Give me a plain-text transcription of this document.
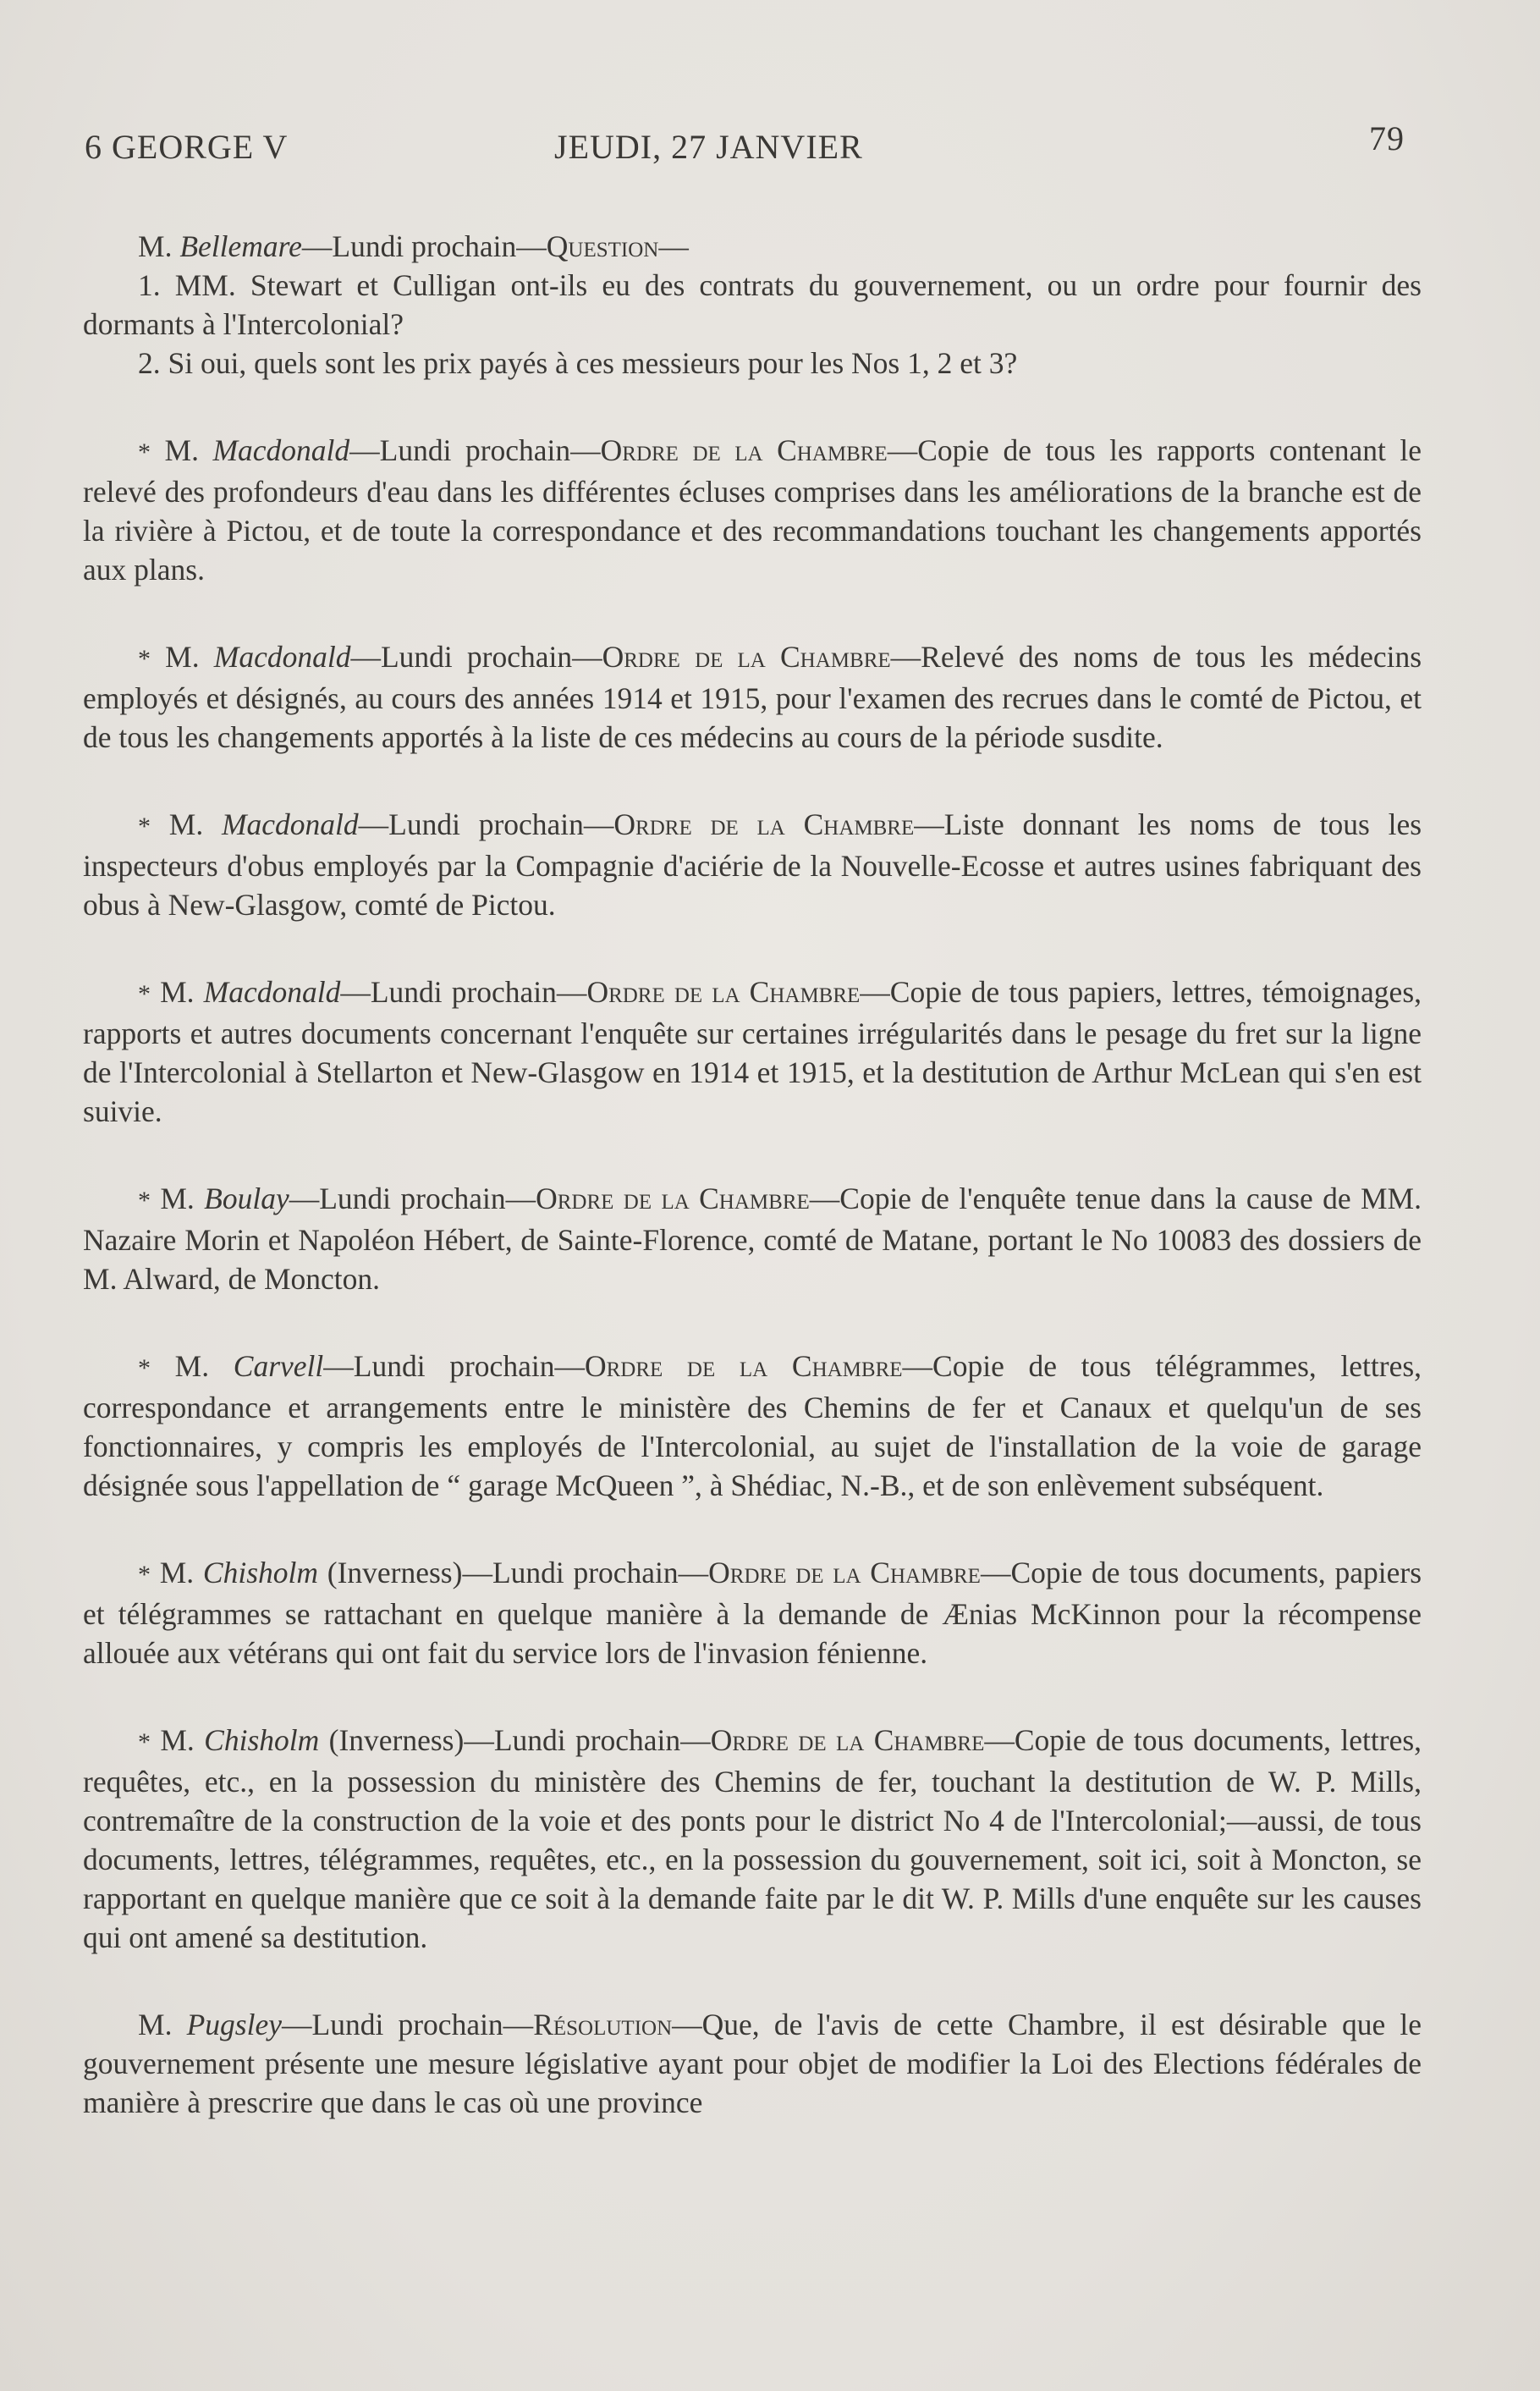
6 GEORGE V	JEUDI, 27 JANVIER	79

M. Bellemare—Lundi prochain—Question—

1. MM. Stewart et Culligan ont-ils eu des contrats du gouvernement, ou un ordre pour fournir des dormants à l'Intercolonial?

2. Si oui, quels sont les prix payés à ces messieurs pour les Nos 1, 2 et 3?

* M. Macdonald—Lundi prochain—Ordre de la Chambre—Copie de tous les rapports contenant le relevé des profondeurs d'eau dans les différentes écluses comprises dans les améliorations de la branche est de la rivière à Pictou, et de toute la correspondance et des recommandations touchant les changements apportés aux plans.

* M. Macdonald—Lundi prochain—Ordre de la Chambre—Relevé des noms de tous les médecins employés et désignés, au cours des années 1914 et 1915, pour l'examen des recrues dans le comté de Pictou, et de tous les changements apportés à la liste de ces médecins au cours de la période susdite.

* M. Macdonald—Lundi prochain—Ordre de la Chambre—Liste donnant les noms de tous les inspecteurs d'obus employés par la Compagnie d'aciérie de la Nouvelle-Ecosse et autres usines fabriquant des obus à New-Glasgow, comté de Pictou.

* M. Macdonald—Lundi prochain—Ordre de la Chambre—Copie de tous papiers, lettres, témoignages, rapports et autres documents concernant l'enquête sur certaines irrégularités dans le pesage du fret sur la ligne de l'Intercolonial à Stellarton et New-Glasgow en 1914 et 1915, et la destitution de Arthur McLean qui s'en est suivie.

* M. Boulay—Lundi prochain—Ordre de la Chambre—Copie de l'enquête tenue dans la cause de MM. Nazaire Morin et Napoléon Hébert, de Sainte-Florence, comté de Matane, portant le No 10083 des dossiers de M. Alward, de Moncton.

* M. Carvell—Lundi prochain—Ordre de la Chambre—Copie de tous télégrammes, lettres, correspondance et arrangements entre le ministère des Chemins de fer et Canaux et quelqu'un de ses fonctionnaires, y compris les employés de l'Intercolonial, au sujet de l'installation de la voie de garage désignée sous l'appellation de “ garage McQueen ”, à Shédiac, N.-B., et de son enlèvement subséquent.

* M. Chisholm (Inverness)—Lundi prochain—Ordre de la Chambre—Copie de tous documents, papiers et télégrammes se rattachant en quelque manière à la demande de Ænias McKinnon pour la récompense allouée aux vétérans qui ont fait du service lors de l'invasion fénienne.

* M. Chisholm (Inverness)—Lundi prochain—Ordre de la Chambre—Copie de tous documents, lettres, requêtes, etc., en la possession du ministère des Chemins de fer, touchant la destitution de W. P. Mills, contremaître de la construction de la voie et des ponts pour le district No 4 de l'Intercolonial;—aussi, de tous documents, lettres, télégrammes, requêtes, etc., en la possession du gouvernement, soit ici, soit à Moncton, se rapportant en quelque manière que ce soit à la demande faite par le dit W. P. Mills d'une enquête sur les causes qui ont amené sa destitution.

M. Pugsley—Lundi prochain—Résolution—Que, de l'avis de cette Chambre, il est désirable que le gouvernement présente une mesure législative ayant pour objet de modifier la Loi des Elections fédérales de manière à prescrire que dans le cas où une province
